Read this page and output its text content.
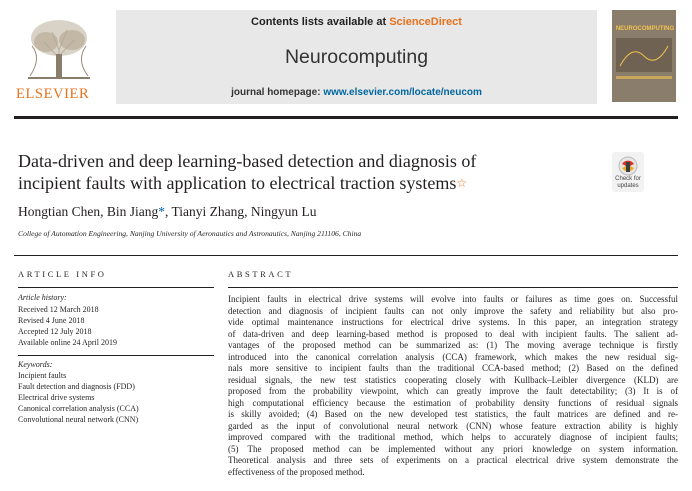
ELSEVIER
Contents lists available at ScienceDirect
Neurocomputing
journal homepage: www.elsevier.com/locate/neucom
NEUROCOMPUTING
Data-driven and deep learning-based detection and diagnosis of
incipient faults with application to electrical traction systems☆	Check for
updates
Hongtian Chen, Bin Jiang*, Tianyi Zhang, Ningyun Lu
College of Automation Engineering, Nanjing University of Aeronautics and Astronautics, Nanjing 211106, China
ARTICLE INFO
Article history:
Received 12 March 2018
Revised 4 June 2018
Accepted 12 July 2018
Available online 24 April 2019
Keywords:
Incipient faults
Fault detection and diagnosis (FDD)
Electrical drive systems
Canonical correlation analysis (CCA)
Convolutional neural network (CNN)
ABSTRACT
Incipient faults in electrical drive systems will evolve into faults or failures as time goes on. Successful
detection and diagnosis of incipient faults can not only improve the safety and reliability but also pro-
vide optimal maintenance instructions for electrical drive systems. In this paper, an integration strategy
of data-driven and deep learning-based method is proposed to deal with incipient faults. The salient ad-
vantages of the proposed method can be summarized as: (1) The moving average technique is firstly
introduced into the canonical correlation analysis (CCA) framework, which makes the new residual sig-
nals more sensitive to incipient faults than the traditional CCA-based method; (2) Based on the defined
residual signals, the new test statistics cooperating closely with Kullback–Leibler divergence (KLD) are
proposed from the probability viewpoint, which can greatly improve the fault detectability; (3) It is of
high computational efficiency because the estimation of probability density functions of residual signals
is skilly avoided; (4) Based on the new developed test statistics, the fault matrices are defined and re-
garded as the input of convolutional neural network (CNN) whose feature extraction ability is highly
improved compared with the traditional method, which helps to accurately diagnose of incipient faults;
(5) The proposed method can be implemented without any priori knowledge on system information.
Theoretical analysis and three sets of experiments on a practical electrical drive system demonstrate the
effectiveness of the proposed method.
